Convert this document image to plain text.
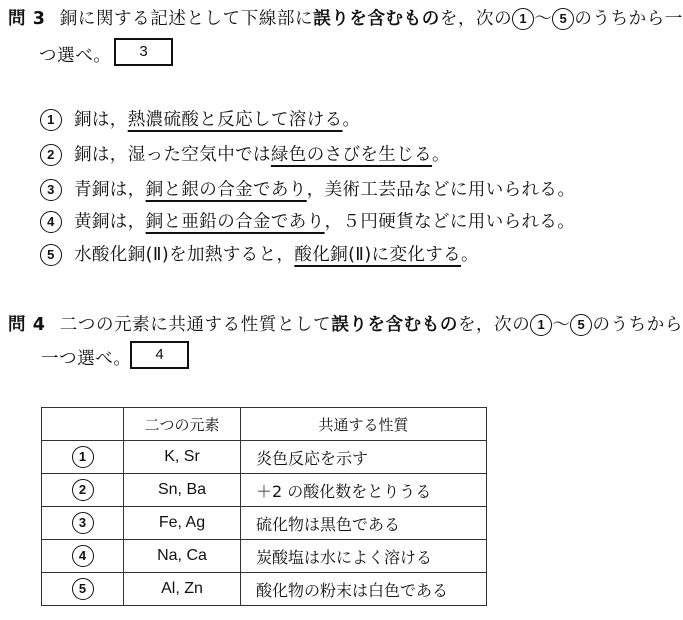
問 3 銅に関する記述として下線部に誤りを含むものを，次の 1 ～ 5 のうちから一
つ選べ。	3
1 銅は，熱濃硫酸と反応して溶ける。
2 銅は，湿った空気中では緑色のさびを生じる。
3 青銅は，銅と銀の合金であり，美術工芸品などに用いられる。
4 黄銅は，銅と亜鉛の合金であり，５円硬貨などに用いられる。
5 水酸化銅(Ⅱ)を加熱すると，酸化銅(Ⅱ)に変化する。
問 4 二つの元素に共通する性質として誤りを含むものを，次の 1 ～ 5 のうちから
一つ選べ。	4
	二つの元素	共通する性質
1	K, Sr	炎色反応を示す
2	Sn, Ba	＋2 の酸化数をとりうる
3	Fe, Ag	硫化物は黒色である
4	Na, Ca	炭酸塩は水によく溶ける
5	Al, Zn	酸化物の粉末は白色である
